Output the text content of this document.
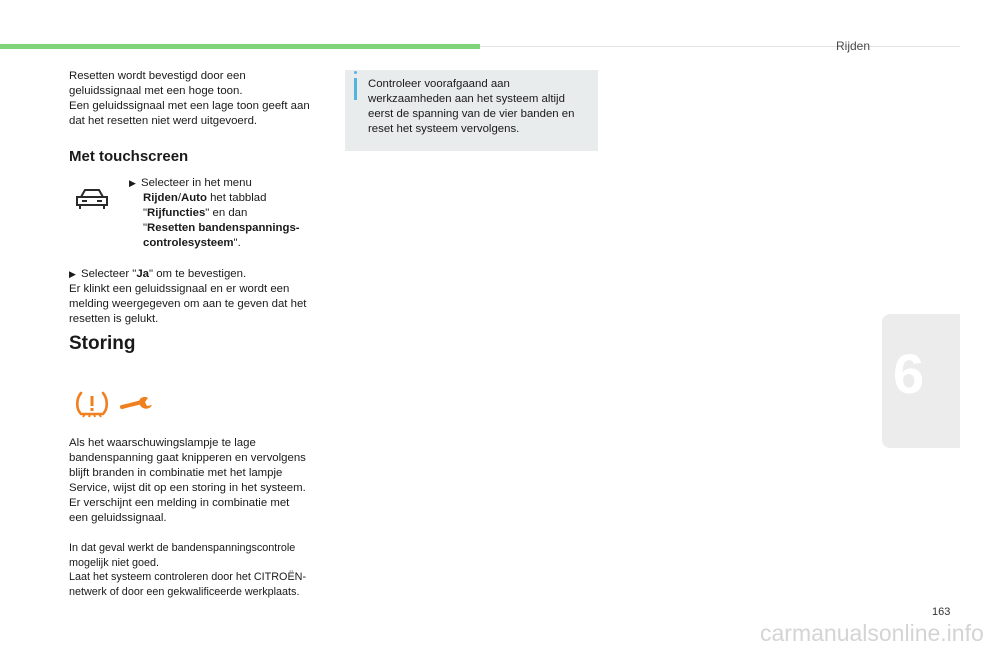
Rijden
6

Resetten wordt bevestigd door een
geluidssignaal met een hoge toon.
Een geluidssignaal met een lage toon geeft aan
dat het resetten niet werd uitgevoerd.

Met touchscreen
▶ Selecteer in het menu
Rijden/Auto het tabblad
"Rijfuncties" en dan
"Resetten bandenspannings-
controlesysteem".
▶ Selecteer "Ja" om te bevestigen.

Er klinkt een geluidssignaal en er wordt een
melding weergegeven om aan te geven dat het
resetten is gelukt.

Storing

Als het waarschuwingslampje te lage
bandenspanning gaat knipperen en vervolgens
blijft branden in combinatie met het lampje
Service, wijst dit op een storing in het systeem.
Er verschijnt een melding in combinatie met
een geluidssignaal.

In dat geval werkt de bandenspanningscontrole
mogelijk niet goed.
Laat het systeem controleren door het CITROËN-
netwerk of door een gekwalificeerde werkplaats.

Controleer voorafgaand aan
werkzaamheden aan het systeem altijd
eerst de spanning van de vier banden en
reset het systeem vervolgens.
163
carmanualsonline.info
